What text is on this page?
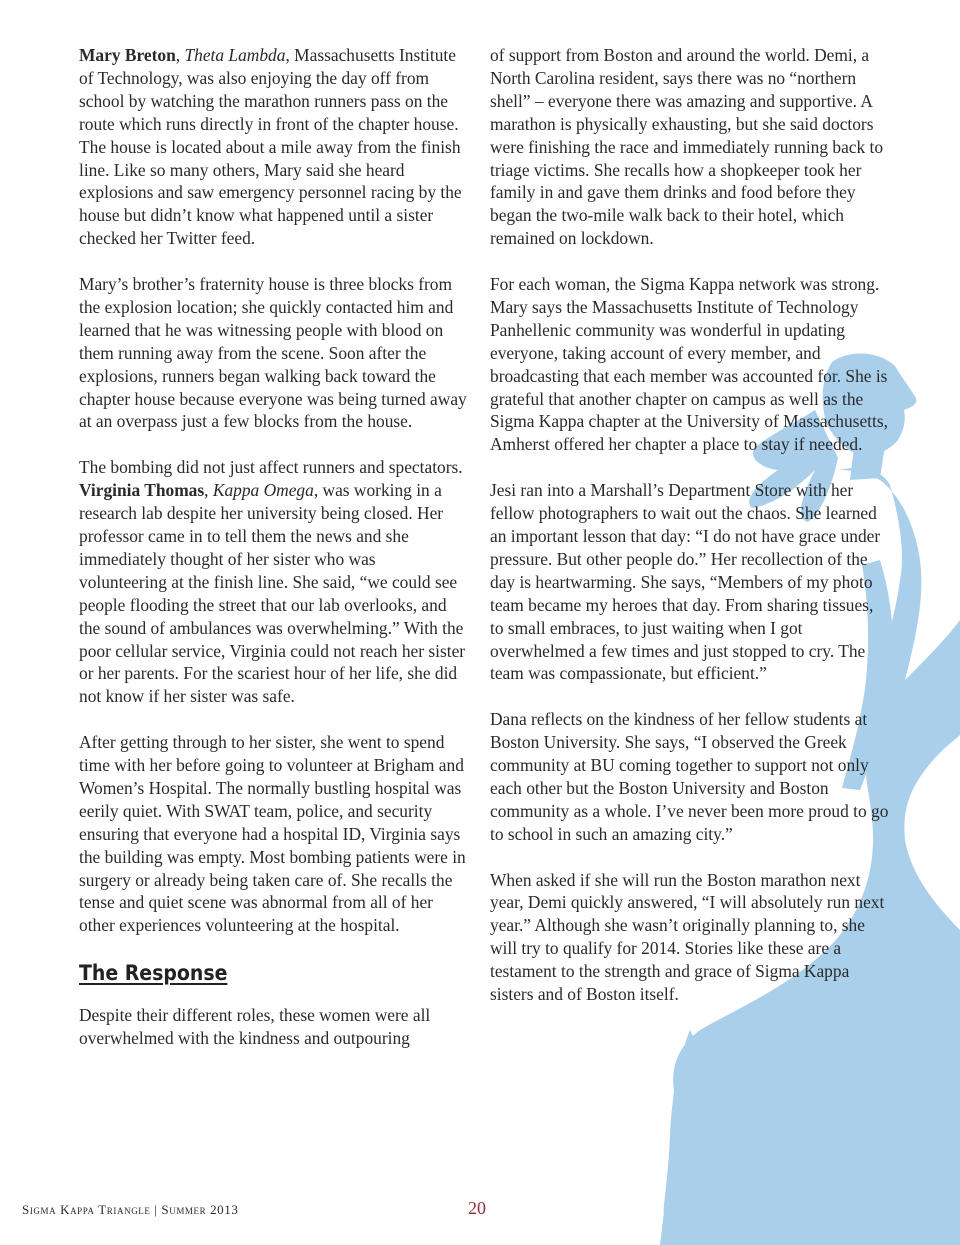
Mary Breton, Theta Lambda, Massachusetts Institute of Technology, was also enjoying the day off from school by watching the marathon runners pass on the route which runs directly in front of the chapter house. The house is located about a mile away from the finish line. Like so many others, Mary said she heard explosions and saw emergency personnel racing by the house but didn’t know what happened until a sister checked her Twitter feed.

Mary’s brother’s fraternity house is three blocks from the explosion location; she quickly contacted him and learned that he was witnessing people with blood on them running away from the scene. Soon after the explosions, runners began walking back toward the chapter house because everyone was being turned away at an overpass just a few blocks from the house.

The bombing did not just affect runners and spectators. Virginia Thomas, Kappa Omega, was working in a research lab despite her university being closed. Her professor came in to tell them the news and she immediately thought of her sister who was volunteering at the finish line. She said, “we could see people flooding the street that our lab overlooks, and the sound of ambulances was overwhelming.” With the poor cellular service, Virginia could not reach her sister or her parents. For the scariest hour of her life, she did not know if her sister was safe.

After getting through to her sister, she went to spend time with her before going to volunteer at Brigham and Women’s Hospital. The normally bustling hospital was eerily quiet. With SWAT team, police, and security ensuring that everyone had a hospital ID, Virginia says the building was empty. Most bombing patients were in surgery or already being taken care of. She recalls the tense and quiet scene was abnormal from all of her other experiences volunteering at the hospital.

The Response

Despite their different roles, these women were all overwhelmed with the kindness and outpouring

of support from Boston and around the world. Demi, a North Carolina resident, says there was no “northern shell” – everyone there was amazing and supportive. A marathon is physically exhausting, but she said doctors were finishing the race and immediately running back to triage victims. She recalls how a shopkeeper took her family in and gave them drinks and food before they began the two-mile walk back to their hotel, which remained on lockdown.

For each woman, the Sigma Kappa network was strong. Mary says the Massachusetts Institute of Technology Panhellenic community was wonderful in updating everyone, taking account of every member, and broadcasting that each member was accounted for. She is grateful that another chapter on campus as well as the Sigma Kappa chapter at the University of Massachusetts, Amherst offered her chapter a place to stay if needed.

Jesi ran into a Marshall’s Department Store with her fellow photographers to wait out the chaos. She learned an important lesson that day: “I do not have grace under pressure. But other people do.” Her recollection of the day is heartwarming. She says, “Members of my photo team became my heroes that day. From sharing tissues, to small embraces, to just waiting when I got overwhelmed a few times and just stopped to cry. The team was compassionate, but efficient.”

Dana reflects on the kindness of her fellow students at Boston University. She says, “I observed the Greek community at BU coming together to support not only each other but the Boston University and Boston community as a whole. I’ve never been more proud to go to school in such an amazing city.”

When asked if she will run the Boston marathon next year, Demi quickly answered, “I will absolutely run next year.” Although she wasn’t originally planning to, she will try to qualify for 2014. Stories like these are a testament to the strength and grace of Sigma Kappa sisters and of Boston itself.

Sigma Kappa Triangle | Summer 2013	20
